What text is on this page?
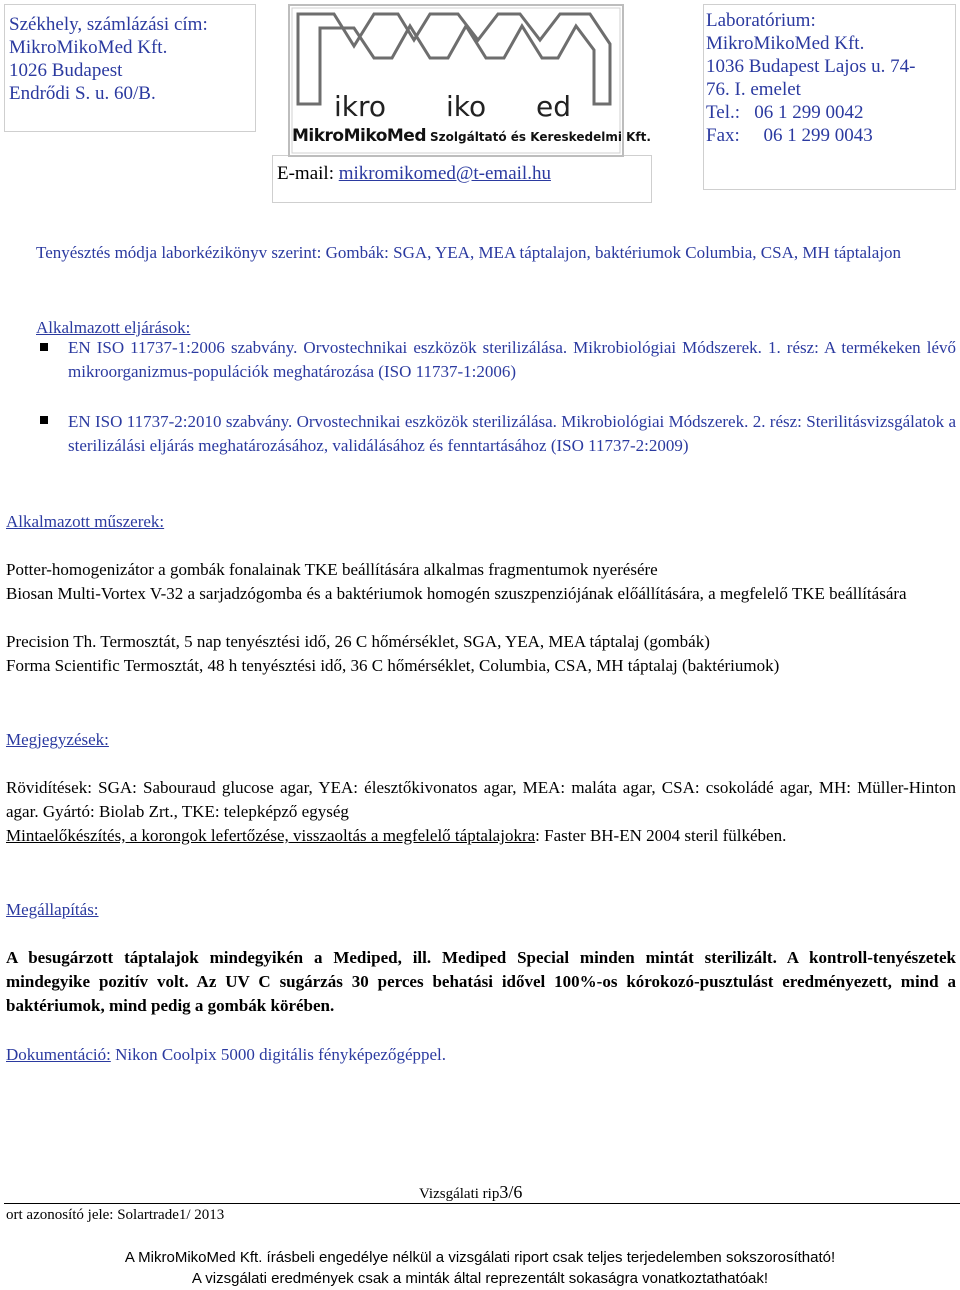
Székhely, számlázási cím:
MikroMikoMed Kft.
1026 Budapest
Endrődi S. u. 60/B.
E-mail: mikromikomed@t-email.hu
ikro iko ed
MikroMikoMed Szolgáltató és Kereskedelmi Kft.
Laboratórium:
MikroMikoMed Kft.
1036 Budapest Lajos u. 74-
76. I. emelet
Tel.: 06 1 299 0042
Fax: 06 1 299 0043
Tenyésztés módja laborkézikönyv szerint: Gombák: SGA, YEA, MEA táptalajon, baktériumok Columbia, CSA, MH táptalajon
Alkalmazott eljárások:
EN ISO 11737-1:2006 szabvány. Orvostechnikai eszközök sterilizálása. Mikrobiológiai Módszerek. 1. rész: A termékeken lévő mikroorganizmus-populációk meghatározása (ISO 11737-1:2006)
EN ISO 11737-2:2010 szabvány. Orvostechnikai eszközök sterilizálása. Mikrobiológiai Módszerek. 2. rész: Sterilitásvizsgálatok a sterilizálási eljárás meghatározásához, validálásához és fenntartásához (ISO 11737-2:2009)
Alkalmazott műszerek:
Potter-homogenizátor a gombák fonalainak TKE beállítására alkalmas fragmentumok nyerésére
Biosan Multi-Vortex V-32 a sarjadzógomba és a baktériumok homogén szuszpenziójának előállítására, a megfelelő TKE beállítására
Precision Th. Termosztát, 5 nap tenyésztési idő, 26 C hőmérséklet, SGA, YEA, MEA táptalaj (gombák)
Forma Scientific Termosztát, 48 h tenyésztési idő, 36 C hőmérséklet, Columbia, CSA, MH táptalaj (baktériumok)
Megjegyzések:
Rövidítések: SGA: Sabouraud glucose agar, YEA: élesztőkivonatos agar, MEA: maláta agar, CSA: csokoládé agar, MH: Müller-Hinton agar. Gyártó: Biolab Zrt., TKE: telepképző egység
Mintaelőkészítés, a korongok lefertőzése, visszaoltás a megfelelő táptalajokra: Faster BH-EN 2004 steril fülkében.
Megállapítás:
A besugárzott táptalajok mindegyikén a Mediped, ill. Mediped Special minden mintát sterilizált. A kontroll-tenyészetek mindegyike pozitív volt. Az UV C sugárzás 30 perces behatási idővel 100%-os kórokozó-pusztulást eredményezett, mind a baktériumok, mind pedig a gombák körében.
Dokumentáció: Nikon Coolpix 5000 digitális fényképezőgéppel.
Vizsgálati rip3/6
ort azonosító jele: Solartrade1/ 2013
A MikroMikoMed Kft. írásbeli engedélye nélkül a vizsgálati riport csak teljes terjedelemben sokszorosítható!
A vizsgálati eredmények csak a minták által reprezentált sokaságra vonatkoztathatóak!
